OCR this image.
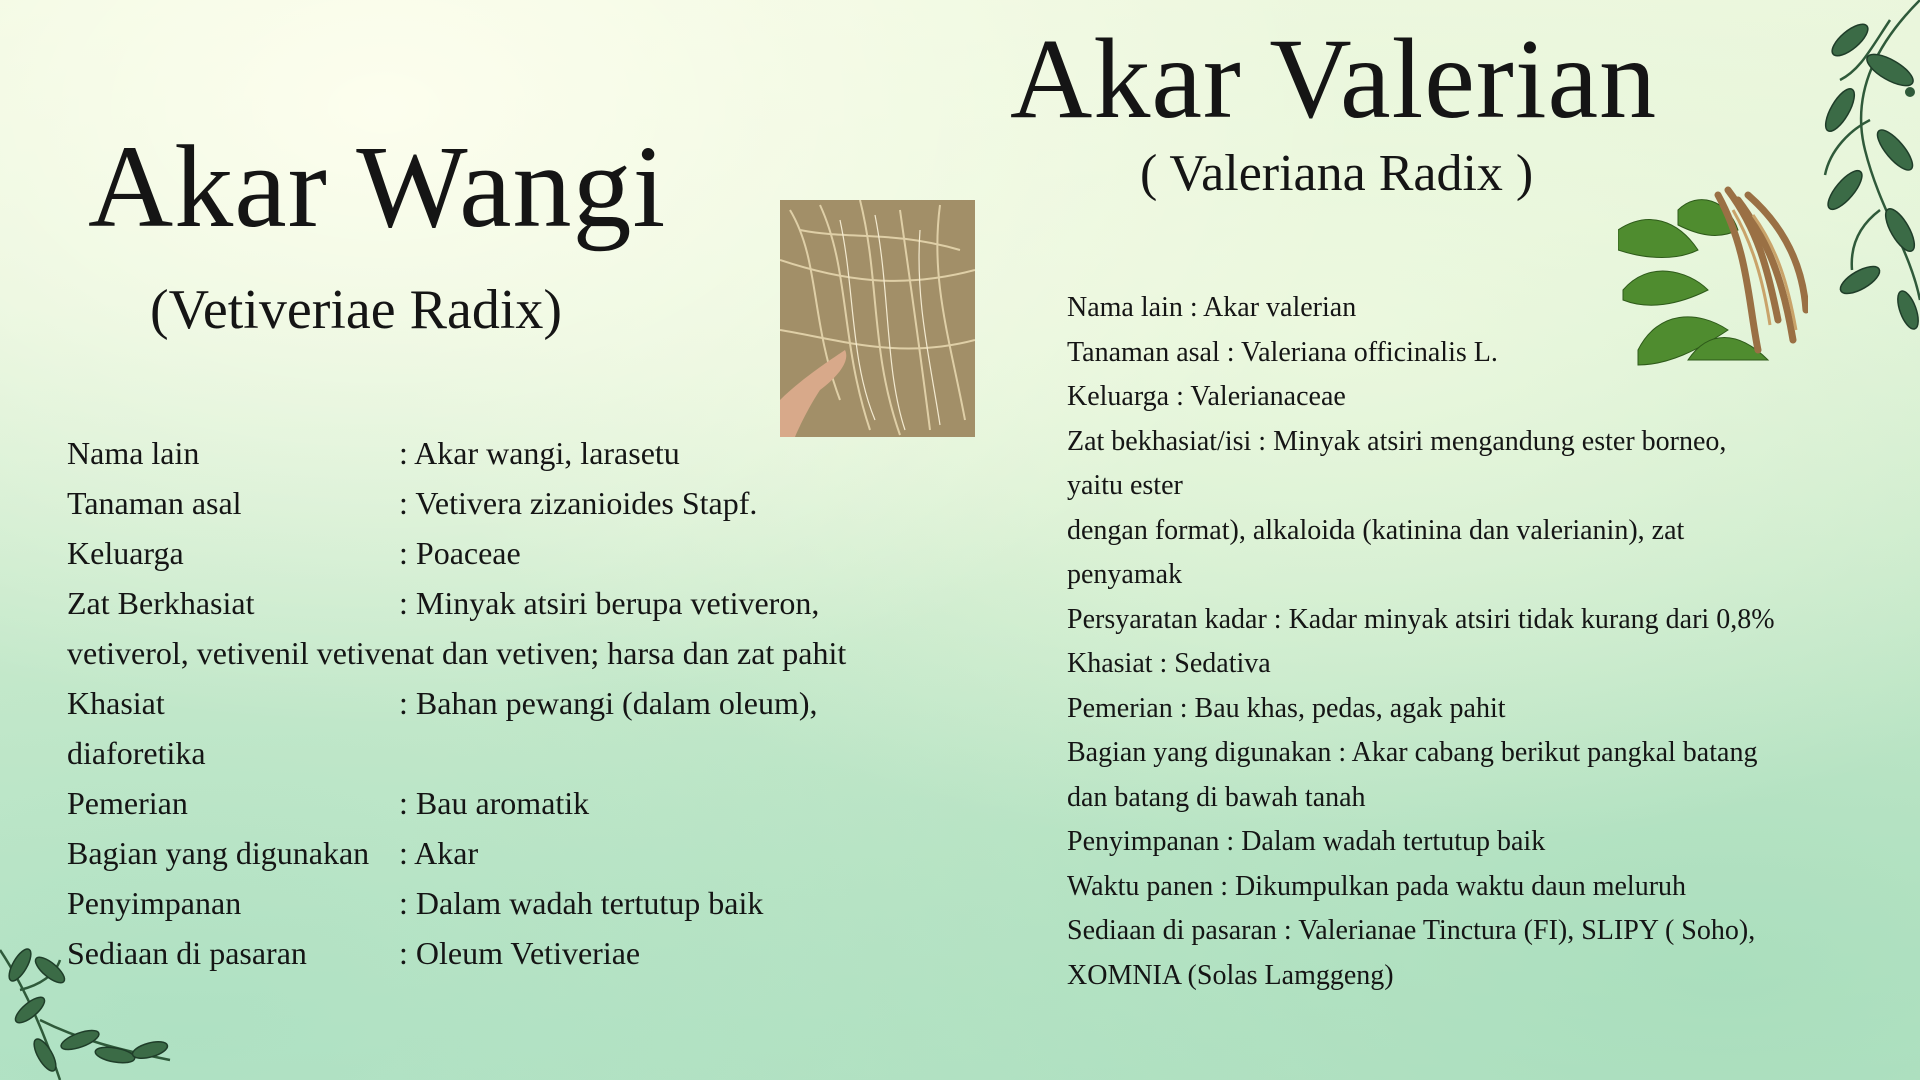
Akar Valerian
( Valeriana Radix )
Akar Wangi
(Vetiveriae Radix)
Nama lain	: Akar wangi, larasetu
Tanaman asal	: Vetivera zizanioides Stapf.
Keluarga	: Poaceae
Zat Berkhasiat	: Minyak atsiri berupa vetiveron,
vetiverol, vetivenil vetivenat dan vetiven; harsa dan zat pahit
Khasiat	: Bahan pewangi (dalam oleum),
diaforetika
Pemerian	: Bau aromatik
Bagian yang digunakan : Akar
Penyimpanan	: Dalam wadah tertutup baik
Sediaan di pasaran	: Oleum Vetiveriae
Nama lain : Akar valerian
Tanaman asal : Valeriana officinalis L.
Keluarga : Valerianaceae
Zat bekhasiat/isi : Minyak atsiri mengandung ester borneo,
yaitu ester
dengan format), alkaloida (katinina dan valerianin), zat
penyamak
Persyaratan kadar : Kadar minyak atsiri tidak kurang dari 0,8%
Khasiat : Sedativa
Pemerian : Bau khas, pedas, agak pahit
Bagian yang digunakan : Akar cabang berikut pangkal batang
dan batang di bawah tanah
Penyimpanan : Dalam wadah tertutup baik
Waktu panen : Dikumpulkan pada waktu daun meluruh
Sediaan di pasaran : Valerianae Tinctura (FI), SLIPY ( Soho),
XOMNIA (Solas Lamggeng)
